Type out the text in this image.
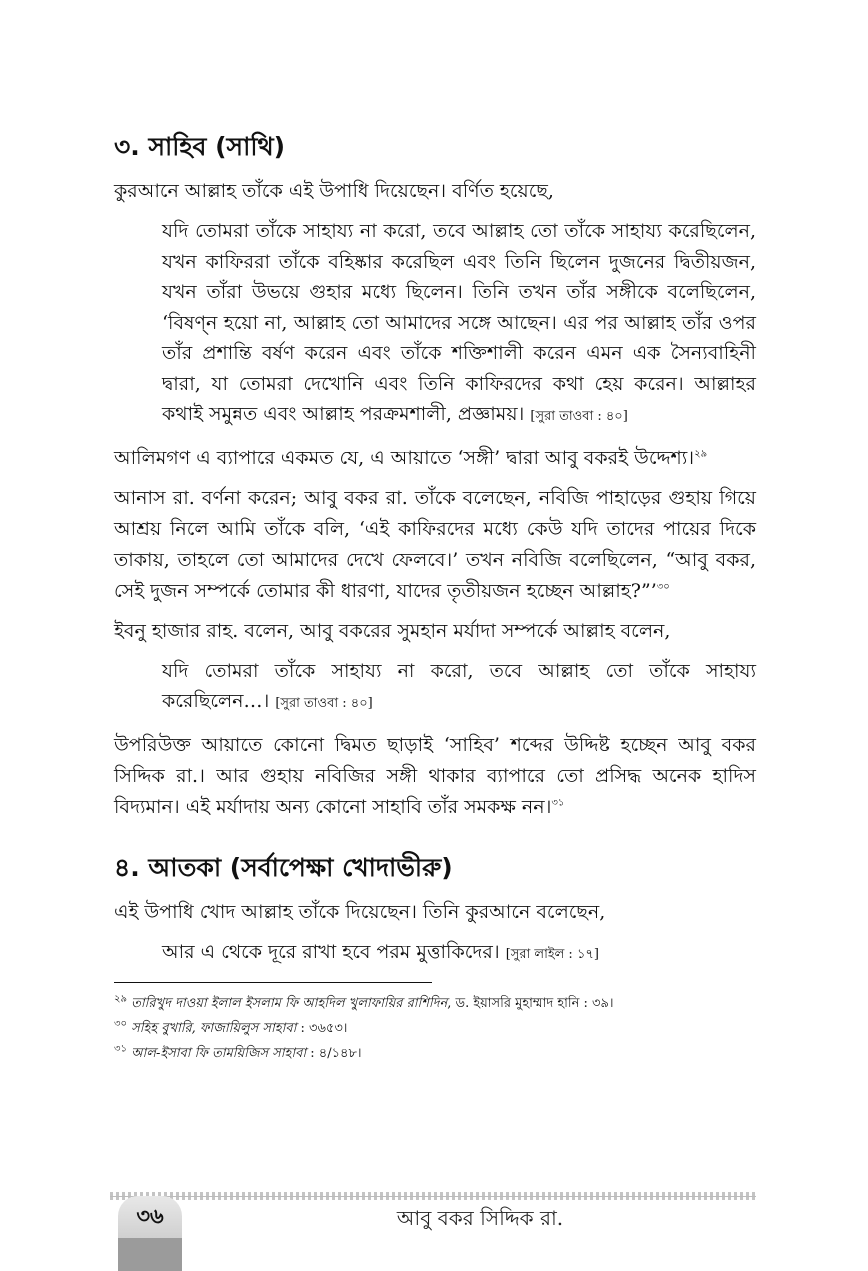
৩. সাহিব (সাথি)

কুরআনে আল্লাহ তাঁকে এই উপাধি দিয়েছেন। বর্ণিত হয়েছে,

যদি তোমরা তাঁকে সাহায্য না করো, তবে আল্লাহ তো তাঁকে সাহায্য করেছিলেন, যখন কাফিররা তাঁকে বহিষ্কার করেছিল এবং তিনি ছিলেন দুজনের দ্বিতীয়জন, যখন তাঁরা উভয়ে গুহার মধ্যে ছিলেন। তিনি তখন তাঁর সঙ্গীকে বলেছিলেন, ‘বিষণ্ন হয়ো না, আল্লাহ তো আমাদের সঙ্গে আছেন। এর পর আল্লাহ তাঁর ওপর তাঁর প্রশান্তি বর্ষণ করেন এবং তাঁকে শক্তিশালী করেন এমন এক সৈন্যবাহিনী দ্বারা, যা তোমরা দেখোনি এবং তিনি কাফিরদের কথা হেয় করেন। আল্লাহর কথাই সমুন্নত এবং আল্লাহ পরক্রমশালী, প্রজ্ঞাময়। [সুরা তাওবা : ৪০]

আলিমগণ এ ব্যাপারে একমত যে, এ আয়াতে ‘সঙ্গী’ দ্বারা আবু বকরই উদ্দেশ্য।$^{২৯}$

আনাস রা. বর্ণনা করেন; আবু বকর রা. তাঁকে বলেছেন, নবিজি পাহাড়ের গুহায় গিয়ে আশ্রয় নিলে আমি তাঁকে বলি, ‘এই কাফিরদের মধ্যে কেউ যদি তাদের পায়ের দিকে তাকায়, তাহলে তো আমাদের দেখে ফেলবে।’ তখন নবিজি বলেছিলেন, “আবু বকর, সেই দুজন সম্পর্কে তোমার কী ধারণা, যাদের তৃতীয়জন হচ্ছেন আল্লাহ?”’$^{৩০}$

ইবনু হাজার রাহ. বলেন, আবু বকরের সুমহান মর্যাদা সম্পর্কে আল্লাহ বলেন,

যদি তোমরা তাঁকে সাহায্য না করো, তবে আল্লাহ তো তাঁকে সাহায্য করেছিলেন…। [সুরা তাওবা : ৪০]

উপরিউক্ত আয়াতে কোনো দ্বিমত ছাড়াই ‘সাহিব’ শব্দের উদ্দিষ্ট হচ্ছেন আবু বকর সিদ্দিক রা.। আর গুহায় নবিজির সঙ্গী থাকার ব্যাপারে তো প্রসিদ্ধ অনেক হাদিস বিদ্যমান। এই মর্যাদায় অন্য কোনো সাহাবি তাঁর সমকক্ষ নন।$^{৩১}$

৪. আতকা (সর্বাপেক্ষা খোদাভীরু)

এই উপাধি খোদ আল্লাহ তাঁকে দিয়েছেন। তিনি কুরআনে বলেছেন,

আর এ থেকে দূরে রাখা হবে পরম মুত্তাকিদের। [সুরা লাইল : ১৭]

$^{২৯}$ তারিখুদ দাওয়া ইলাল ইসলাম ফি আহদিল খুলাফায়ির রাশিদিন, ড. ইয়াসরি মুহাম্মাদ হানি : ৩৯।

$^{৩০}$ সহিহ বুখারি, ফাজায়িলুস সাহাবা : ৩৬৫৩।

$^{৩১}$ আল-ইসাবা ফি তাময়িজিস সাহাবা : ৪/১৪৮।

৩৬	আবু বকর সিদ্দিক রা.
